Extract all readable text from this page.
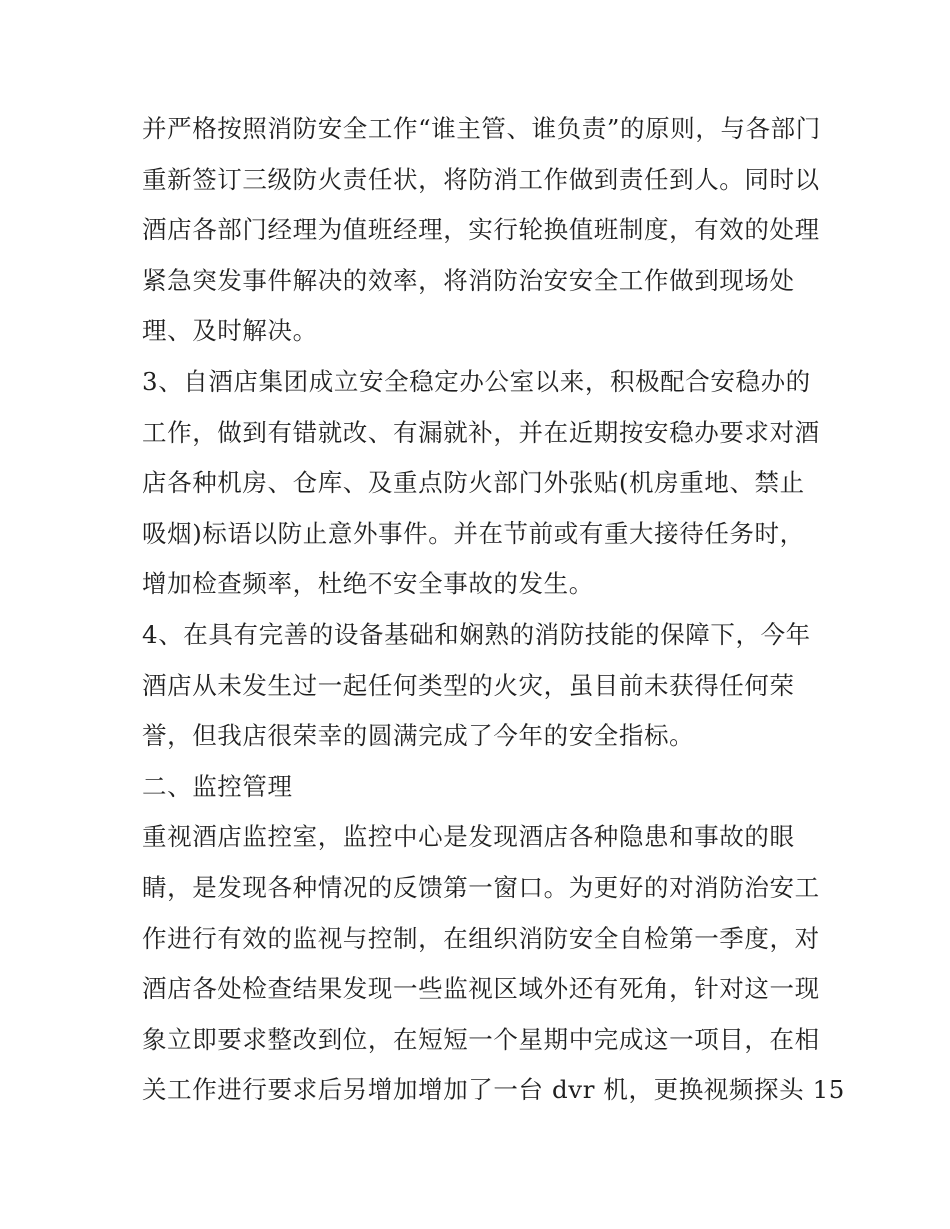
并严格按照消防安全工作“谁主管、谁负责”的原则，与各部门
重新签订三级防火责任状，将防消工作做到责任到人。同时以
酒店各部门经理为值班经理，实行轮换值班制度，有效的处理
紧急突发事件解决的效率，将消防治安安全工作做到现场处
理、及时解决。
3、自酒店集团成立安全稳定办公室以来，积极配合安稳办的
工作，做到有错就改、有漏就补，并在近期按安稳办要求对酒
店各种机房、仓库、及重点防火部门外张贴(机房重地、禁止
吸烟)标语以防止意外事件。并在节前或有重大接待任务时，
增加检查频率，杜绝不安全事故的发生。
4、在具有完善的设备基础和娴熟的消防技能的保障下，今年
酒店从未发生过一起任何类型的火灾，虽目前未获得任何荣
誉，但我店很荣幸的圆满完成了今年的安全指标。
二、监控管理
重视酒店监控室，监控中心是发现酒店各种隐患和事故的眼
睛，是发现各种情况的反馈第一窗口。为更好的对消防治安工
作进行有效的监视与控制，在组织消防安全自检第一季度，对
酒店各处检查结果发现一些监视区域外还有死角，针对这一现
象立即要求整改到位，在短短一个星期中完成这一项目，在相
关工作进行要求后另增加增加了一台 dvr 机，更换视频探头 15
